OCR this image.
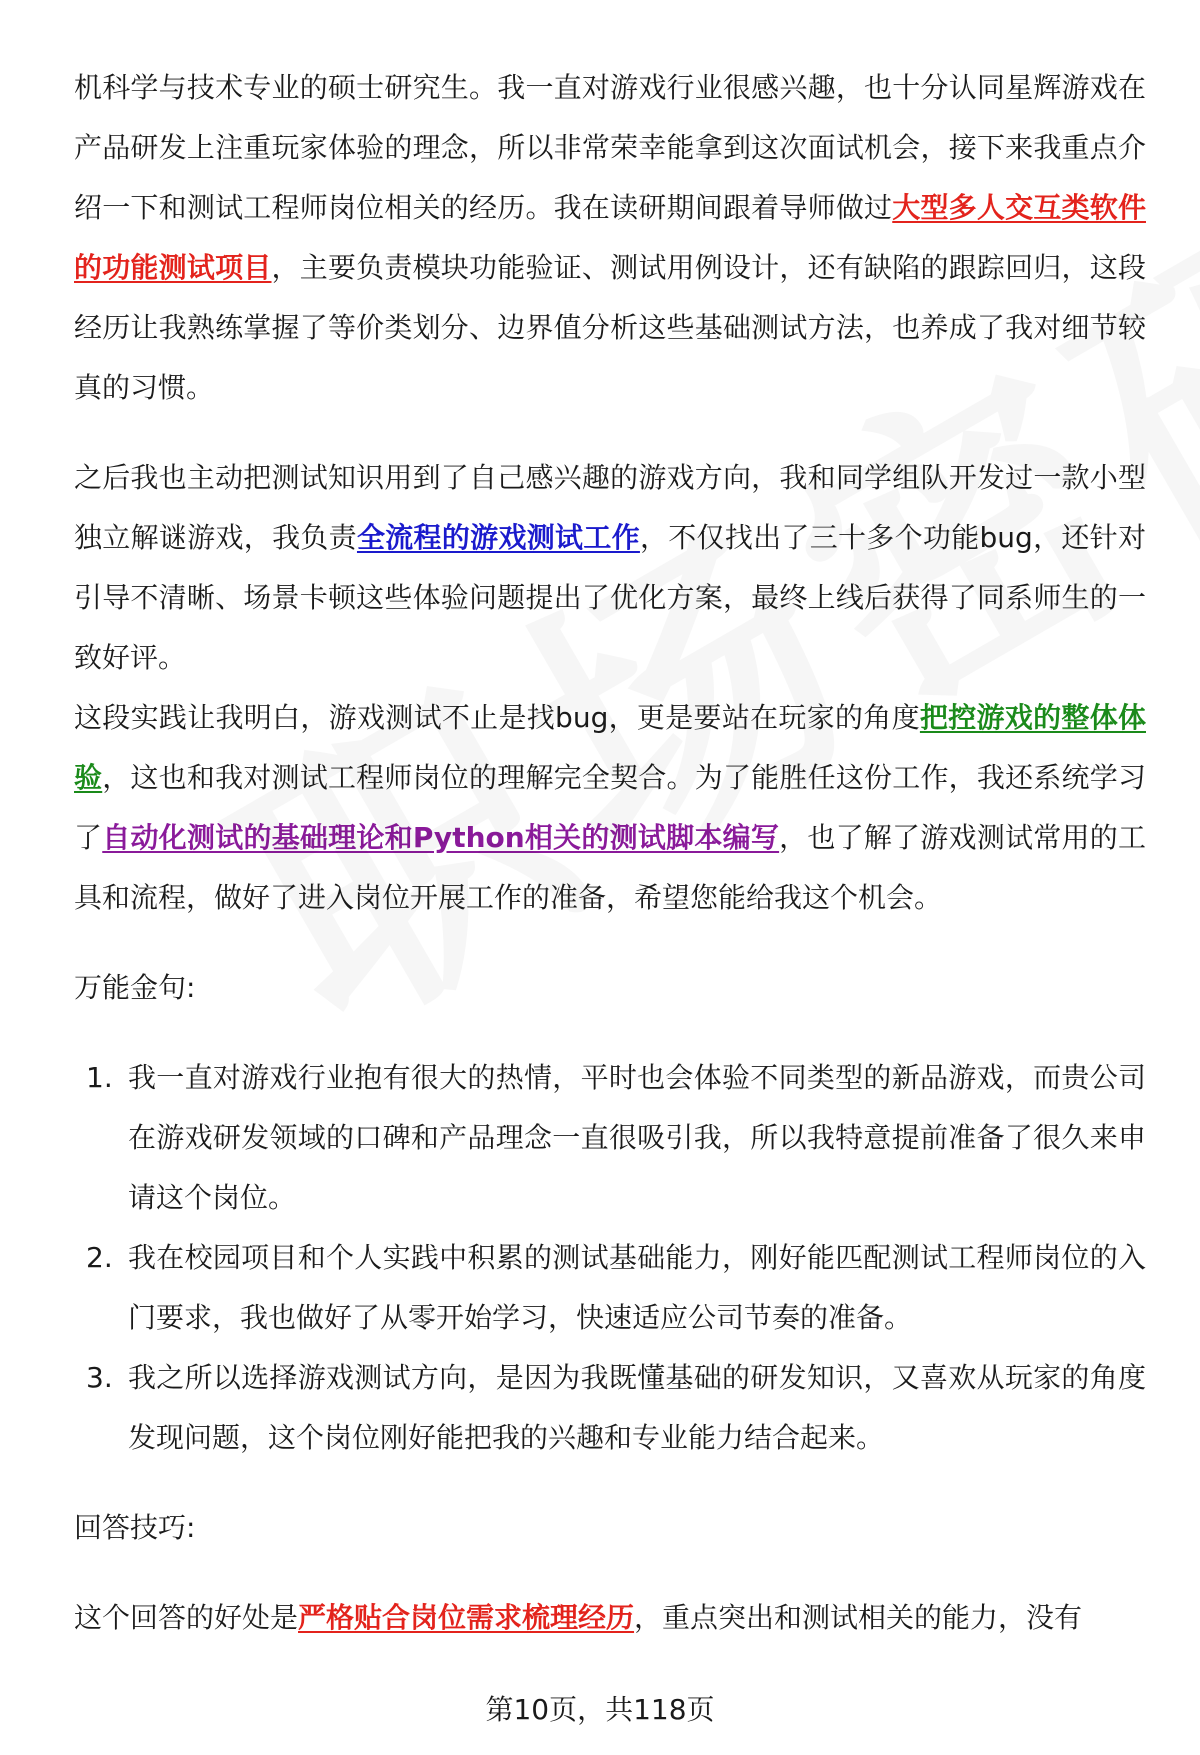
机科学与技术专业的硕士研究生。我一直对游戏行业很感兴趣，也十分认同星辉游戏在产品研发上注重玩家体验的理念，所以非常荣幸能拿到这次面试机会，接下来我重点介绍一下和测试工程师岗位相关的经历。我在读研期间跟着导师做过大型多人交互类软件的功能测试项目，主要负责模块功能验证、测试用例设计，还有缺陷的跟踪回归，这段经历让我熟练掌握了等价类划分、边界值分析这些基础测试方法，也养成了我对细节较真的习惯。

之后我也主动把测试知识用到了自己感兴趣的游戏方向，我和同学组队开发过一款小型独立解谜游戏，我负责全流程的游戏测试工作，不仅找出了三十多个功能bug，还针对引导不清晰、场景卡顿这些体验问题提出了优化方案，最终上线后获得了同系师生的一致好评。

这段实践让我明白，游戏测试不止是找bug，更是要站在玩家的角度把控游戏的整体体验，这也和我对测试工程师岗位的理解完全契合。为了能胜任这份工作，我还系统学习了自动化测试的基础理论和Python相关的测试脚本编写，也了解了游戏测试常用的工具和流程，做好了进入岗位开展工作的准备，希望您能给我这个机会。

万能金句:

1. 我一直对游戏行业抱有很大的热情，平时也会体验不同类型的新品游戏，而贵公司在游戏研发领域的口碑和产品理念一直很吸引我，所以我特意提前准备了很久来申请这个岗位。
2. 我在校园项目和个人实践中积累的测试基础能力，刚好能匹配测试工程师岗位的入门要求，我也做好了从零开始学习，快速适应公司节奏的准备。
3. 我之所以选择游戏测试方向，是因为我既懂基础的研发知识，又喜欢从玩家的角度发现问题，这个岗位刚好能把我的兴趣和专业能力结合起来。

回答技巧:

这个回答的好处是严格贴合岗位需求梳理经历，重点突出和测试相关的能力，没有

第10页，共118页
